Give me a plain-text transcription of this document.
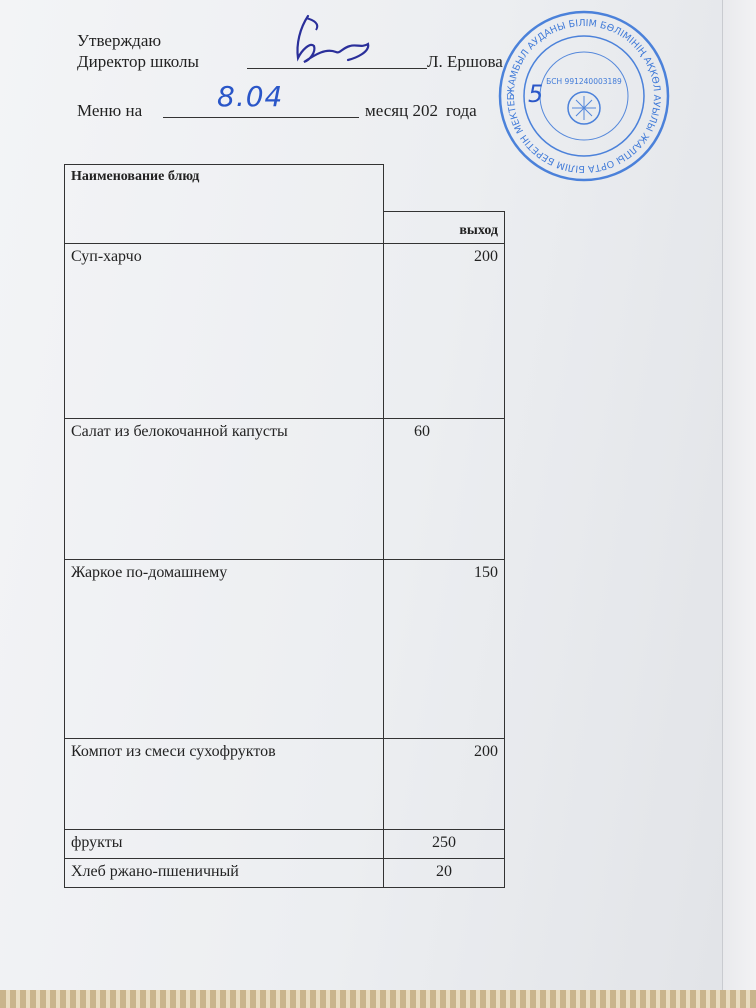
Утверждаю
Директор школы	Л. Ершова
Меню на	8.04	месяц 202 года
5
ЖАМБЫЛ АУДАНЫ БІЛІМ БӨЛІМІНІҢ АҚКӨЛ АУЫЛЫ ЖАЛПЫ ОРТА БІЛІМ БЕРЕТІН МЕКТЕБ
БСН 991240003189
Наименование блюд	
	выход
Суп-харчо	200
Салат из белокочанной капусты	60
Жаркое по-домашнему	150
Компот из смеси сухофруктов	200
фрукты	250
Хлеб ржано-пшеничный	20
